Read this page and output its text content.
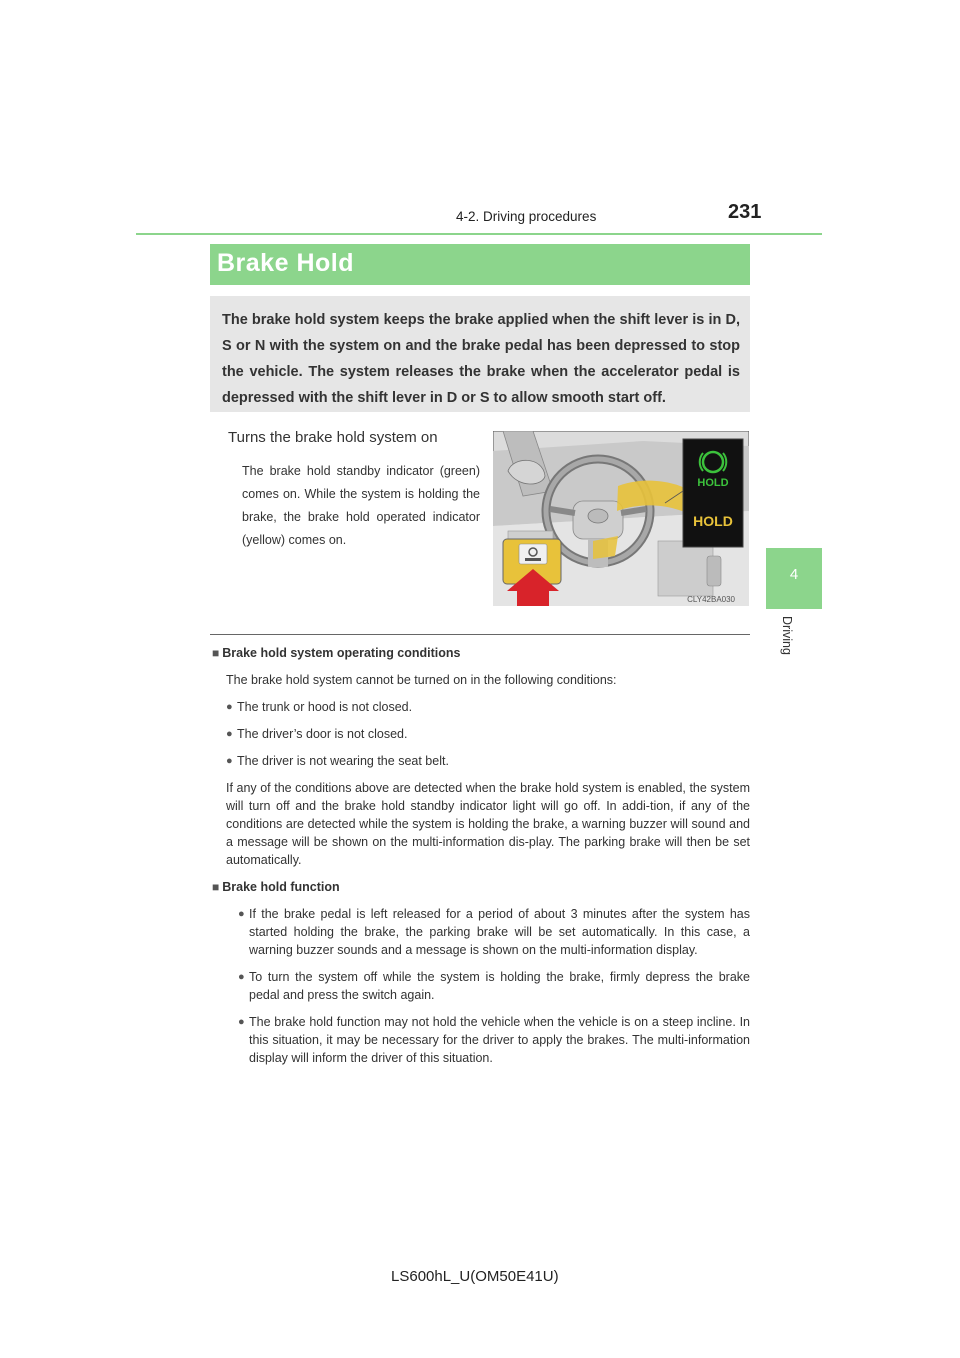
4-2. Driving procedures	231
4
Driving
Brake Hold
The brake hold system keeps the brake applied when the shift lever is in D, S or N with the system on and the brake pedal has been depressed to stop the vehicle. The system releases the brake when the accelerator pedal is depressed with the shift lever in D or S to allow smooth start off.
Turns the brake hold system on
The brake hold standby indicator (green) comes on. While the system is holding the brake, the brake hold operated indicator (yellow) comes on.
HOLD
HOLD
CLY42BA030
■ Brake hold system operating conditions
The brake hold system cannot be turned on in the following conditions:
● The trunk or hood is not closed.
● The driver’s door is not closed.
● The driver is not wearing the seat belt.
If any of the conditions above are detected when the brake hold system is enabled, the system will turn off and the brake hold standby indicator light will go off. In addi-tion, if any of the conditions are detected while the system is holding the brake, a warning buzzer will sound and a message will be shown on the multi-information dis-play. The parking brake will then be set automatically.
■ Brake hold function
● If the brake pedal is left released for a period of about 3 minutes after the system has started holding the brake, the parking brake will be set automatically. In this case, a warning buzzer sounds and a message is shown on the multi-information display.
● To turn the system off while the system is holding the brake, firmly depress the brake pedal and press the switch again.
● The brake hold function may not hold the vehicle when the vehicle is on a steep incline. In this situation, it may be necessary for the driver to apply the brakes. The multi-information display will inform the driver of this situation.
LS600hL_U(OM50E41U)
